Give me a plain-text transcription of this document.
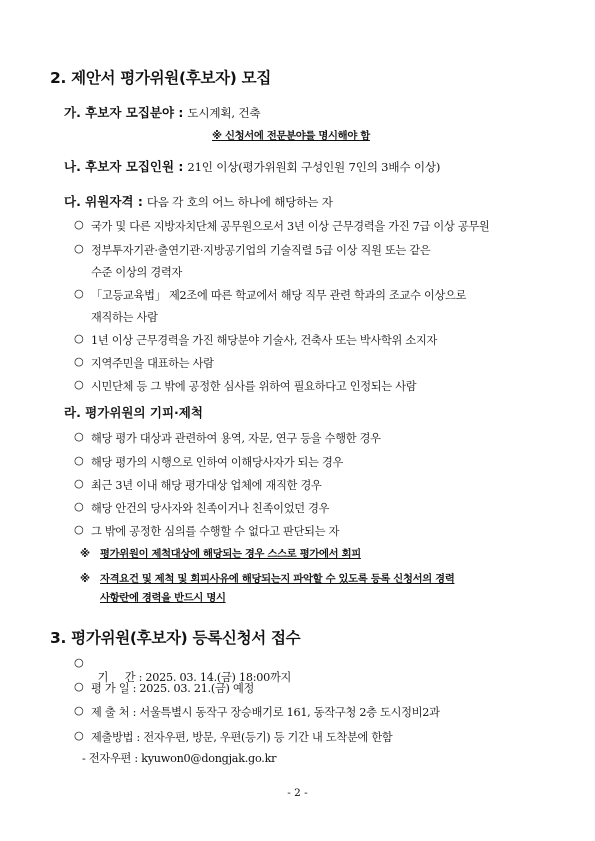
2. 제안서 평가위원(후보자) 모집
가. 후보자 모집분야 : 도시계획, 건축
※ 신청서에 전문분야를 명시해야 함
나. 후보자 모집인원 : 21인 이상(평가위원회 구성인원 7인의 3배수 이상)
다. 위원자격 : 다음 각 호의 어느 하나에 해당하는 자
○ 국가 및 다른 지방자치단체 공무원으로서 3년 이상 근무경력을 가진 7급 이상 공무원
○ 정부투자기관·출연기관·지방공기업의 기술직렬 5급 이상 직원 또는 같은
수준 이상의 경력자
○ 「고등교육법」 제2조에 따른 학교에서 해당 직무 관련 학과의 조교수 이상으로
재직하는 사람
○ 1년 이상 근무경력을 가진 해당분야 기술사, 건축사 또는 박사학위 소지자
○ 지역주민을 대표하는 사람
○ 시민단체 등 그 밖에 공정한 심사를 위하여 필요하다고 인정되는 사람
라. 평가위원의 기피·제척
○ 해당 평가 대상과 관련하여 용역, 자문, 연구 등을 수행한 경우
○ 해당 평가의 시행으로 인하여 이해당사자가 되는 경우
○ 최근 3년 이내 해당 평가대상 업체에 재직한 경우
○ 해당 안건의 당사자와 친족이거나 친족이었던 경우
○ 그 밖에 공정한 심의를 수행할 수 없다고 판단되는 자
※ 평가위원이 제척대상에 해당되는 경우 스스로 평가에서 회피
※ 자격요건 및 제척 및 회피사유에 해당되는지 파악할 수 있도록 등록 신청서의 경력
사항란에 경력을 반드시 명시
3. 평가위원(후보자) 등록신청서 접수

○
기     간 : 2025. 03. 14.(금) 18:00까지

○ 평 가 일 : 2025. 03. 21.(금) 예정
○ 제 출 처 : 서울특별시 동작구 장승배기로 161, 동작구청 2층 도시정비2과
○ 제출방법 : 전자우편, 방문, 우편(등기) 등 기간 내 도착분에 한함
- 전자우편 : kyuwon0@dongjak.go.kr
- 2 -
